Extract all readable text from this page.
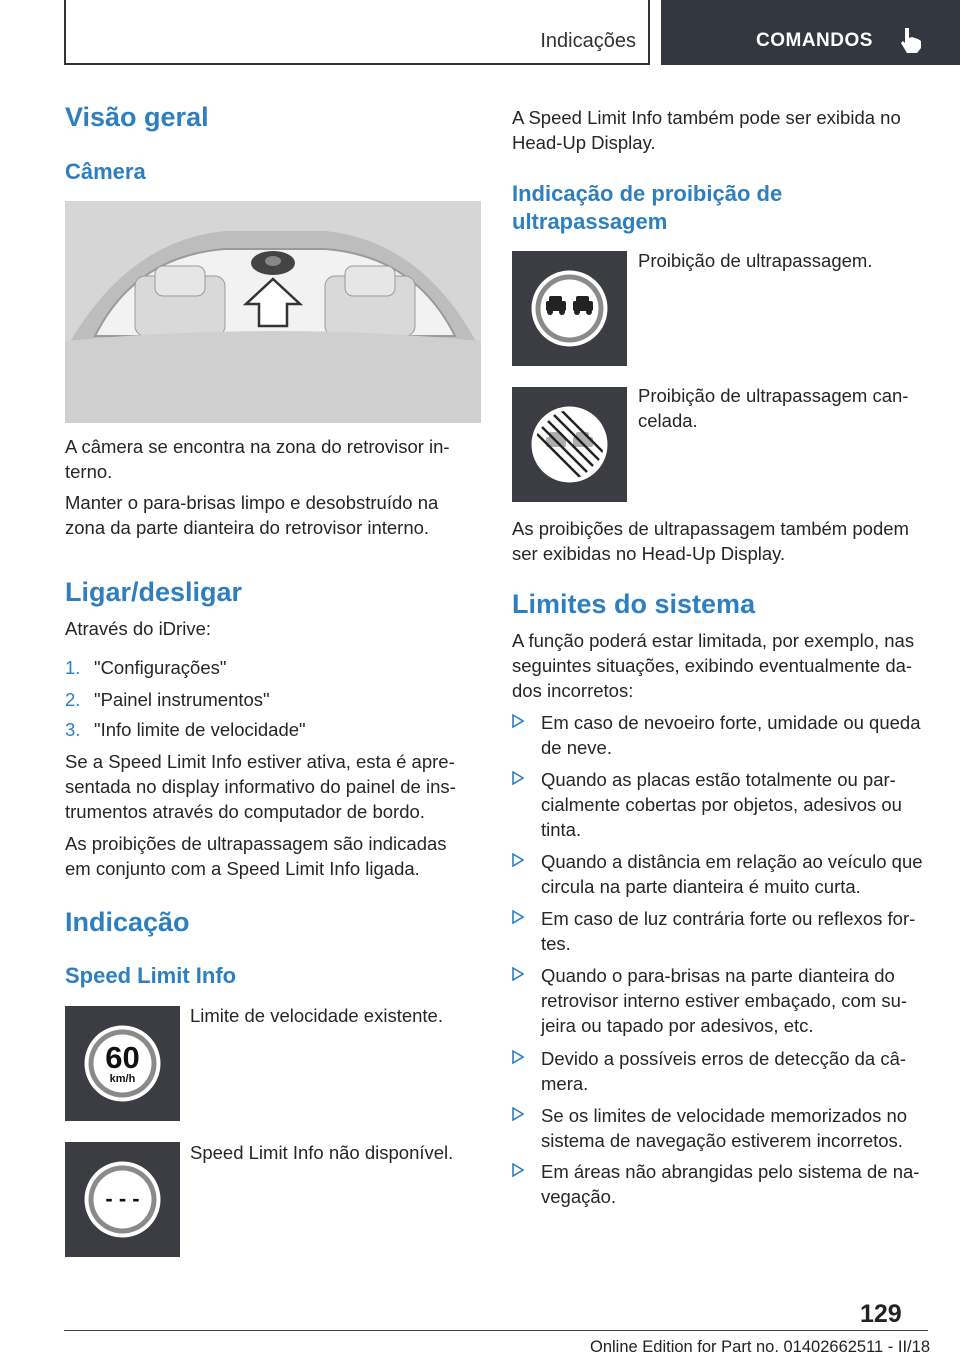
Indicações	COMANDOS
Visão geral
Câmera
A câmera se encontra na zona do retrovisor in-terno.
Manter o para-brisas limpo e desobstruído na zona da parte dianteira do retrovisor interno.
Ligar/desligar
Através do iDrive:
1. "Configurações"
2. "Painel instrumentos"
3. "Info limite de velocidade"
Se a Speed Limit Info estiver ativa, esta é apre-sentada no display informativo do painel de ins-trumentos através do computador de bordo.
As proibições de ultrapassagem são indicadas em conjunto com a Speed Limit Info ligada.
Indicação
Speed Limit Info
60
km/h
Limite de velocidade existente.
- - -
Speed Limit Info não disponível.
A Speed Limit Info também pode ser exibida no Head-Up Display.
Indicação de proibição de ultrapassagem
Proibição de ultrapassagem.
Proibição de ultrapassagem can-celada.
As proibições de ultrapassagem também podem ser exibidas no Head-Up Display.
Limites do sistema
A função poderá estar limitada, por exemplo, nas seguintes situações, exibindo eventualmente da-dos incorretos:
Em caso de nevoeiro forte, umidade ou queda de neve.
Quando as placas estão totalmente ou par-cialmente cobertas por objetos, adesivos ou tinta.
Quando a distância em relação ao veículo que circula na parte dianteira é muito curta.
Em caso de luz contrária forte ou reflexos for-tes.
Quando o para-brisas na parte dianteira do retrovisor interno estiver embaçado, com su-jeira ou tapado por adesivos, etc.
Devido a possíveis erros de detecção da câ-mera.
Se os limites de velocidade memorizados no sistema de navegação estiverem incorretos.
Em áreas não abrangidas pelo sistema de na-vegação.
129
Online Edition for Part no. 01402662511 - II/18
